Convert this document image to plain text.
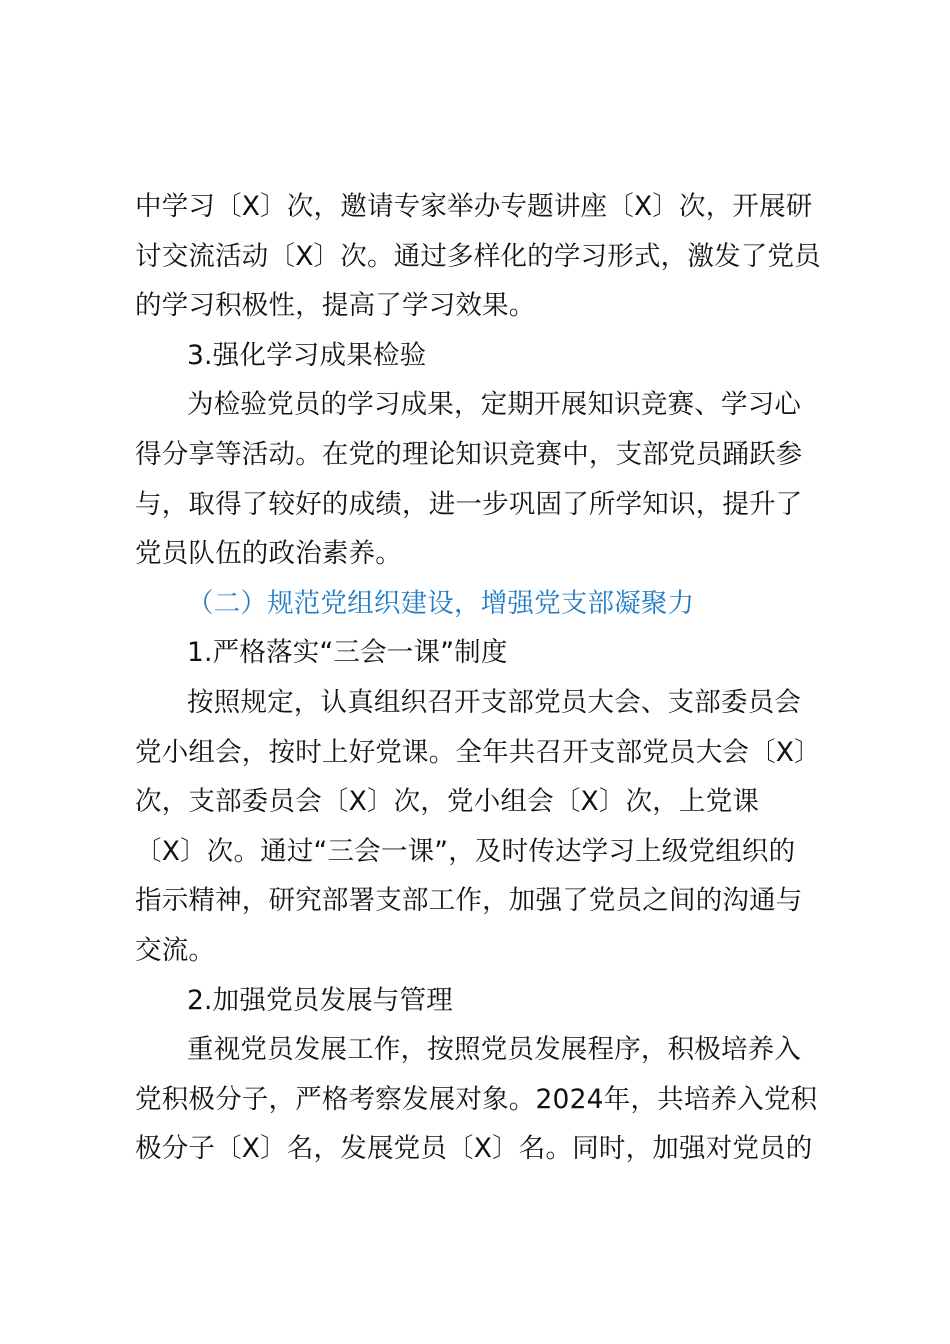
中学习〔X〕次，邀请专家举办专题讲座〔X〕次，开展研
讨交流活动〔X〕次。通过多样化的学习形式，激发了党员
的学习积极性，提高了学习效果。
3.强化学习成果检验
为检验党员的学习成果，定期开展知识竞赛、学习心
得分享等活动。在党的理论知识竞赛中，支部党员踊跃参
与，取得了较好的成绩，进一步巩固了所学知识，提升了
党员队伍的政治素养。
（二）规范党组织建设，增强党支部凝聚力
1.严格落实“三会一课”制度
按照规定，认真组织召开支部党员大会、支部委员会
党小组会，按时上好党课。全年共召开支部党员大会〔X〕
次，支部委员会〔X〕次，党小组会〔X〕次，上党课
〔X〕次。通过“三会一课”，及时传达学习上级党组织的
指示精神，研究部署支部工作，加强了党员之间的沟通与
交流。
2.加强党员发展与管理
重视党员发展工作，按照党员发展程序，积极培养入
党积极分子，严格考察发展对象。2024年，共培养入党积
极分子〔X〕名，发展党员〔X〕名。同时，加强对党员的
